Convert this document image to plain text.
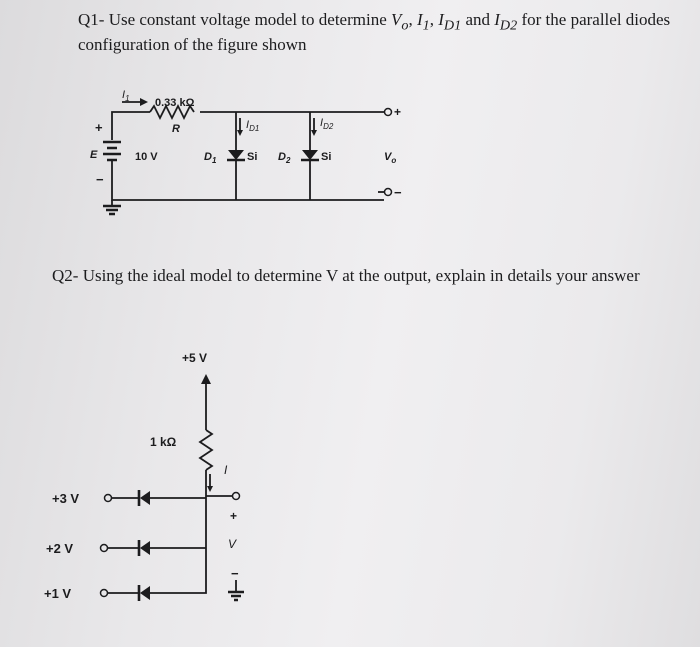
Q1- Use constant voltage model to determine $V_o$, $I_1$, $I_{D1}$ and $I_{D2}$ for the parallel diodes configuration of the figure shown

$I_1$ 0.33 kΩ
R
+
E	10 V
−
$D_1$	Si
$I_{D1}$
$D_2$	Si
$I_{D2}$
+
$V_o$
−
+5 V
1 kΩ
I
+
V
−
+3 V
+2 V
+1 V

Q2- Using the ideal model to determine V at the output, explain in details your answer
